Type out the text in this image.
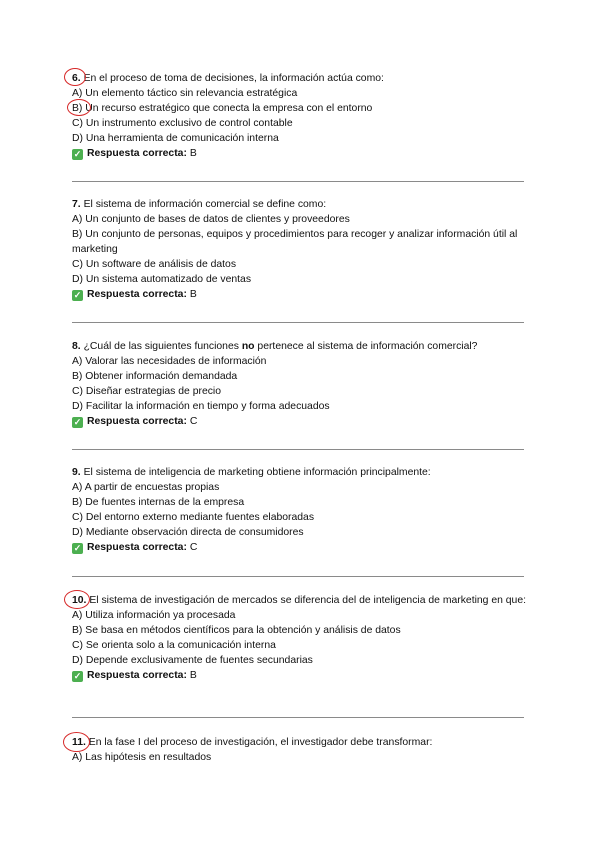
6. En el proceso de toma de decisiones, la información actúa como:
A) Un elemento táctico sin relevancia estratégica
B) Un recurso estratégico que conecta la empresa con el entorno
C) Un instrumento exclusivo de control contable
D) Una herramienta de comunicación interna
✓ Respuesta correcta: B
7. El sistema de información comercial se define como:
A) Un conjunto de bases de datos de clientes y proveedores
B) Un conjunto de personas, equipos y procedimientos para recoger y analizar información útil al marketing
C) Un software de análisis de datos
D) Un sistema automatizado de ventas
✓ Respuesta correcta: B
8. ¿Cuál de las siguientes funciones no pertenece al sistema de información comercial?
A) Valorar las necesidades de información
B) Obtener información demandada
C) Diseñar estrategias de precio
D) Facilitar la información en tiempo y forma adecuados
✓ Respuesta correcta: C
9. El sistema de inteligencia de marketing obtiene información principalmente:
A) A partir de encuestas propias
B) De fuentes internas de la empresa
C) Del entorno externo mediante fuentes elaboradas
D) Mediante observación directa de consumidores
✓ Respuesta correcta: C
10. El sistema de investigación de mercados se diferencia del de inteligencia de marketing en que:
A) Utiliza información ya procesada
B) Se basa en métodos científicos para la obtención y análisis de datos
C) Se orienta solo a la comunicación interna
D) Depende exclusivamente de fuentes secundarias
✓ Respuesta correcta: B
11. En la fase I del proceso de investigación, el investigador debe transformar:
A) Las hipótesis en resultados
